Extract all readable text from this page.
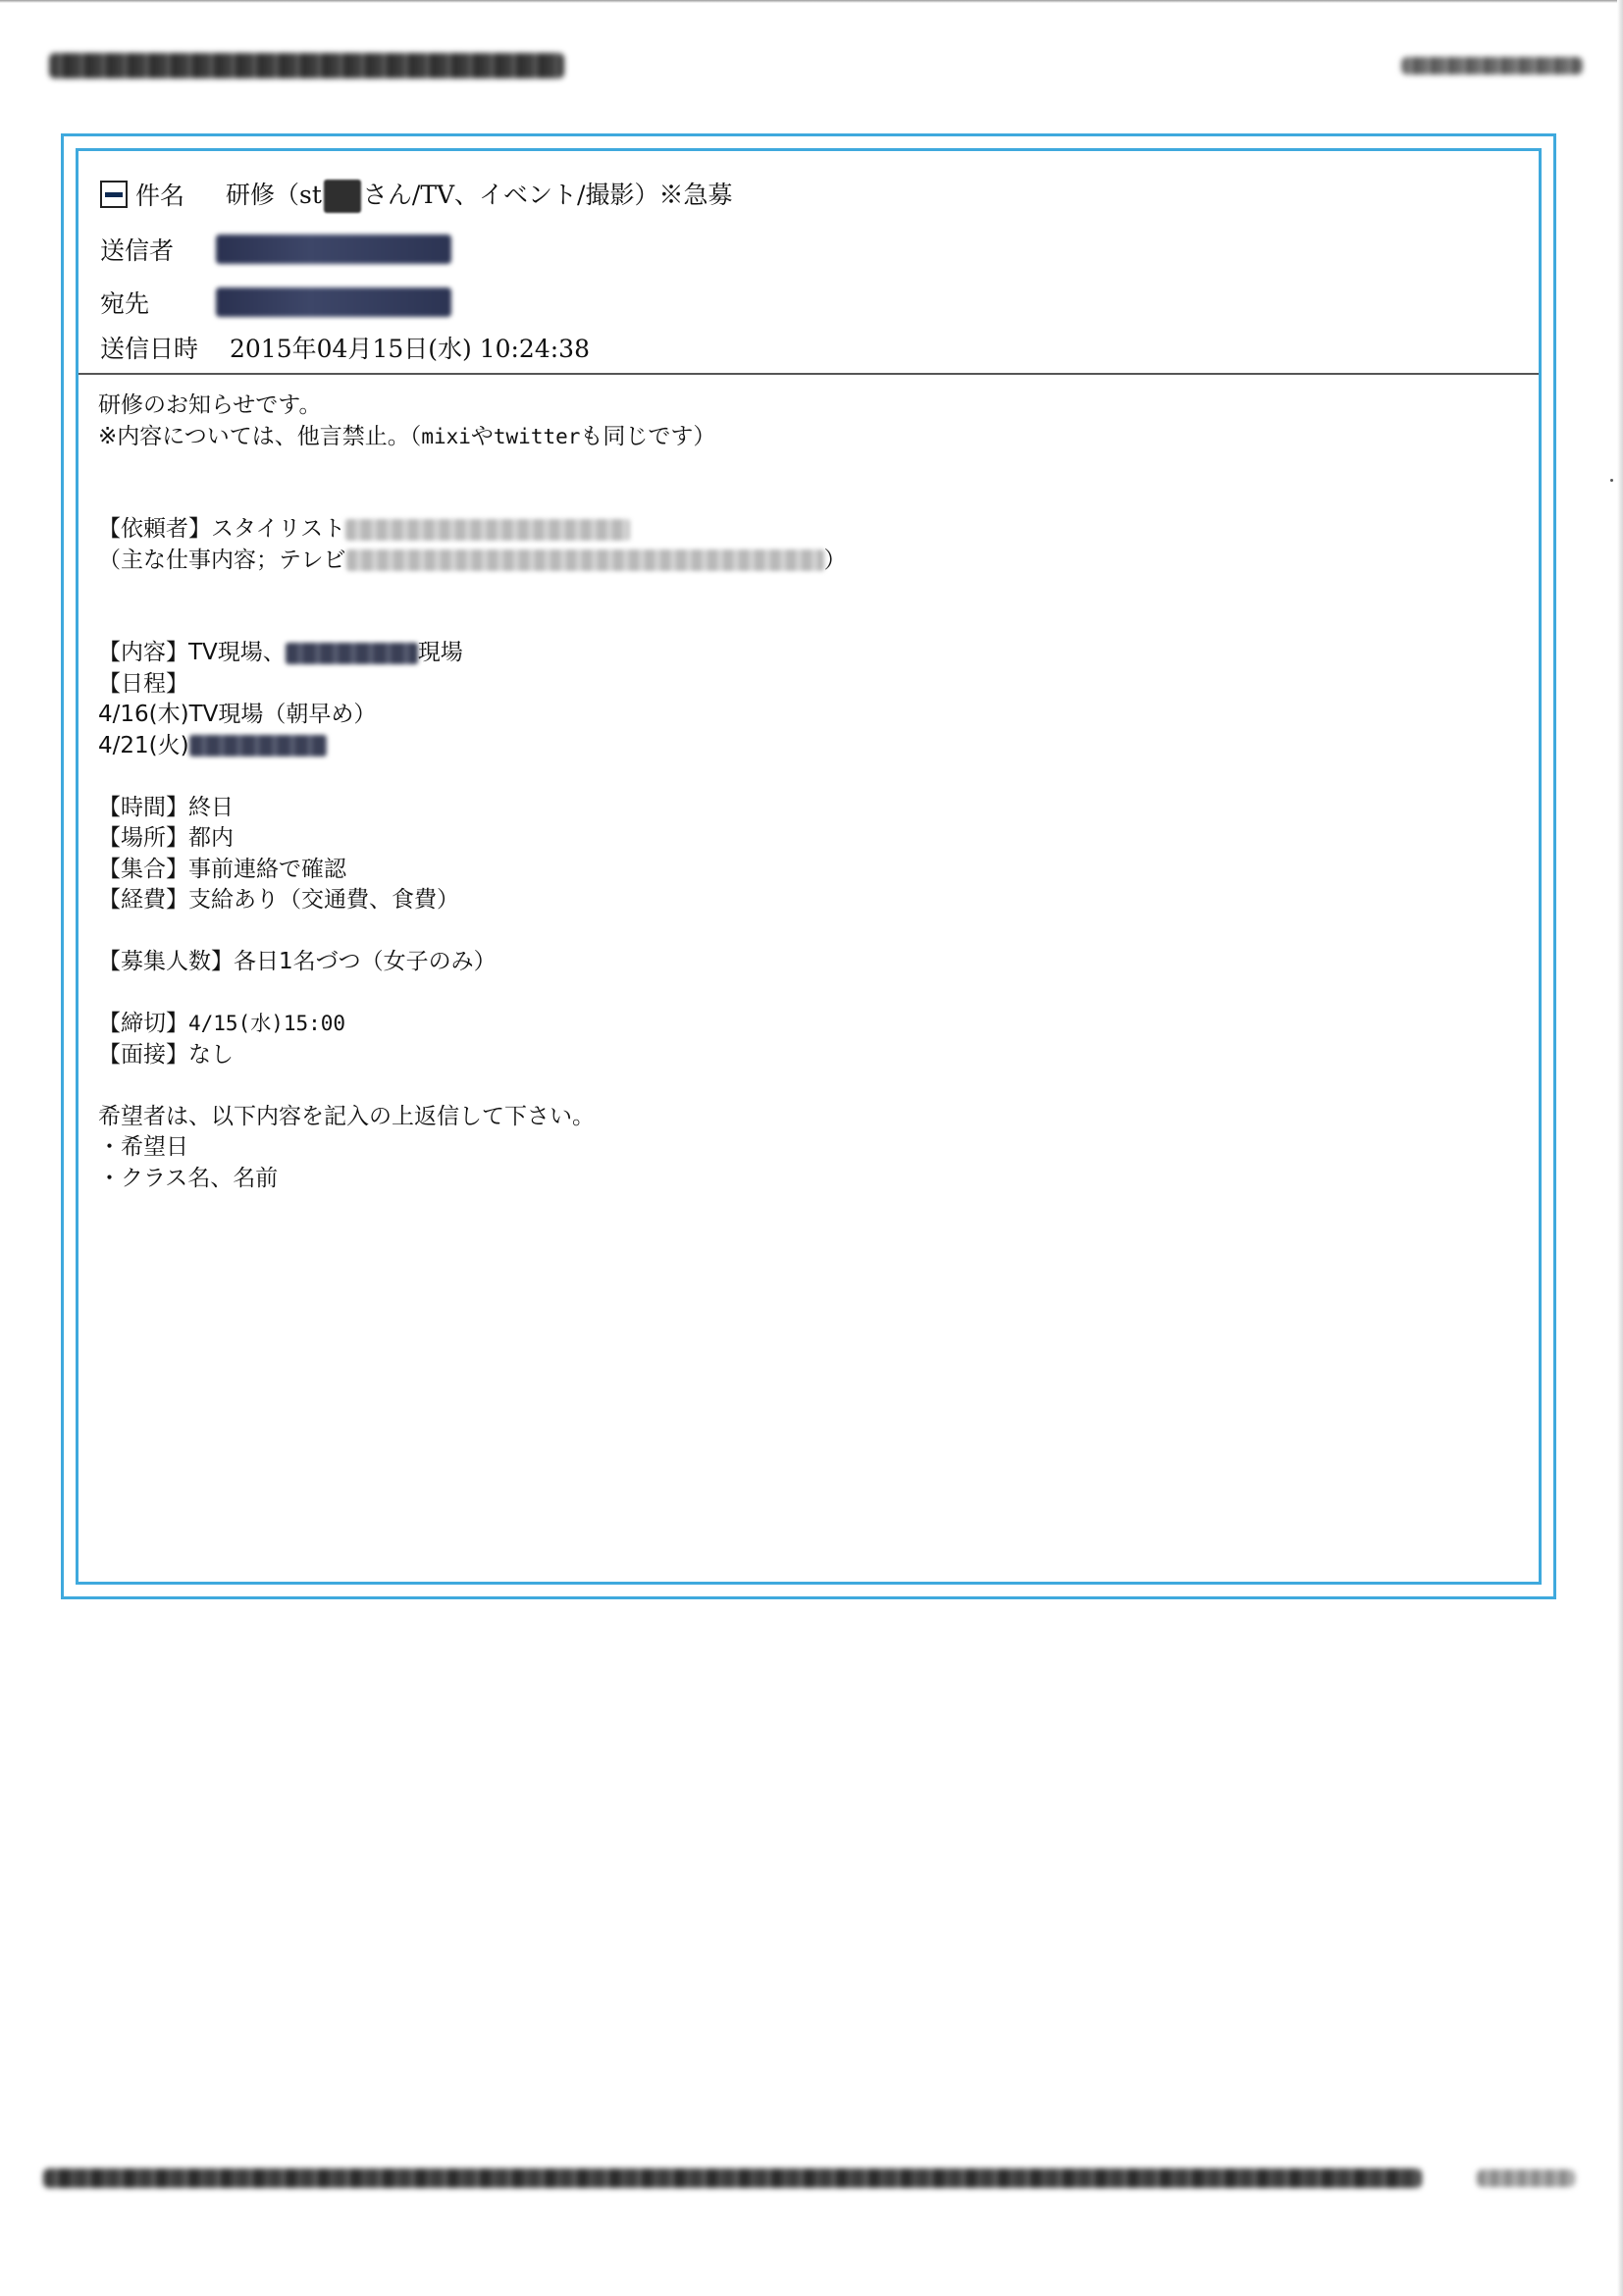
件名	研修（st さん/TV、イベント/撮影）※急募
送信者
宛先
送信日時	2015年04月15日(水) 10:24:38
研修のお知らせです。
※内容については、他言禁止。（mixiやtwitterも同じです）
【依頼者】スタイリスト
（主な仕事内容；テレビ	）
【内容】TV現場、	現場
【日程】
4/16(木)TV現場（朝早め）
4/21(火)
【時間】終日
【場所】都内
【集合】事前連絡で確認
【経費】支給あり（交通費、食費）
【募集人数】各日1名づつ（女子のみ）
【締切】4/15(水)15:00
【面接】なし
希望者は、以下内容を記入の上返信して下さい。
・希望日
・クラス名、名前
